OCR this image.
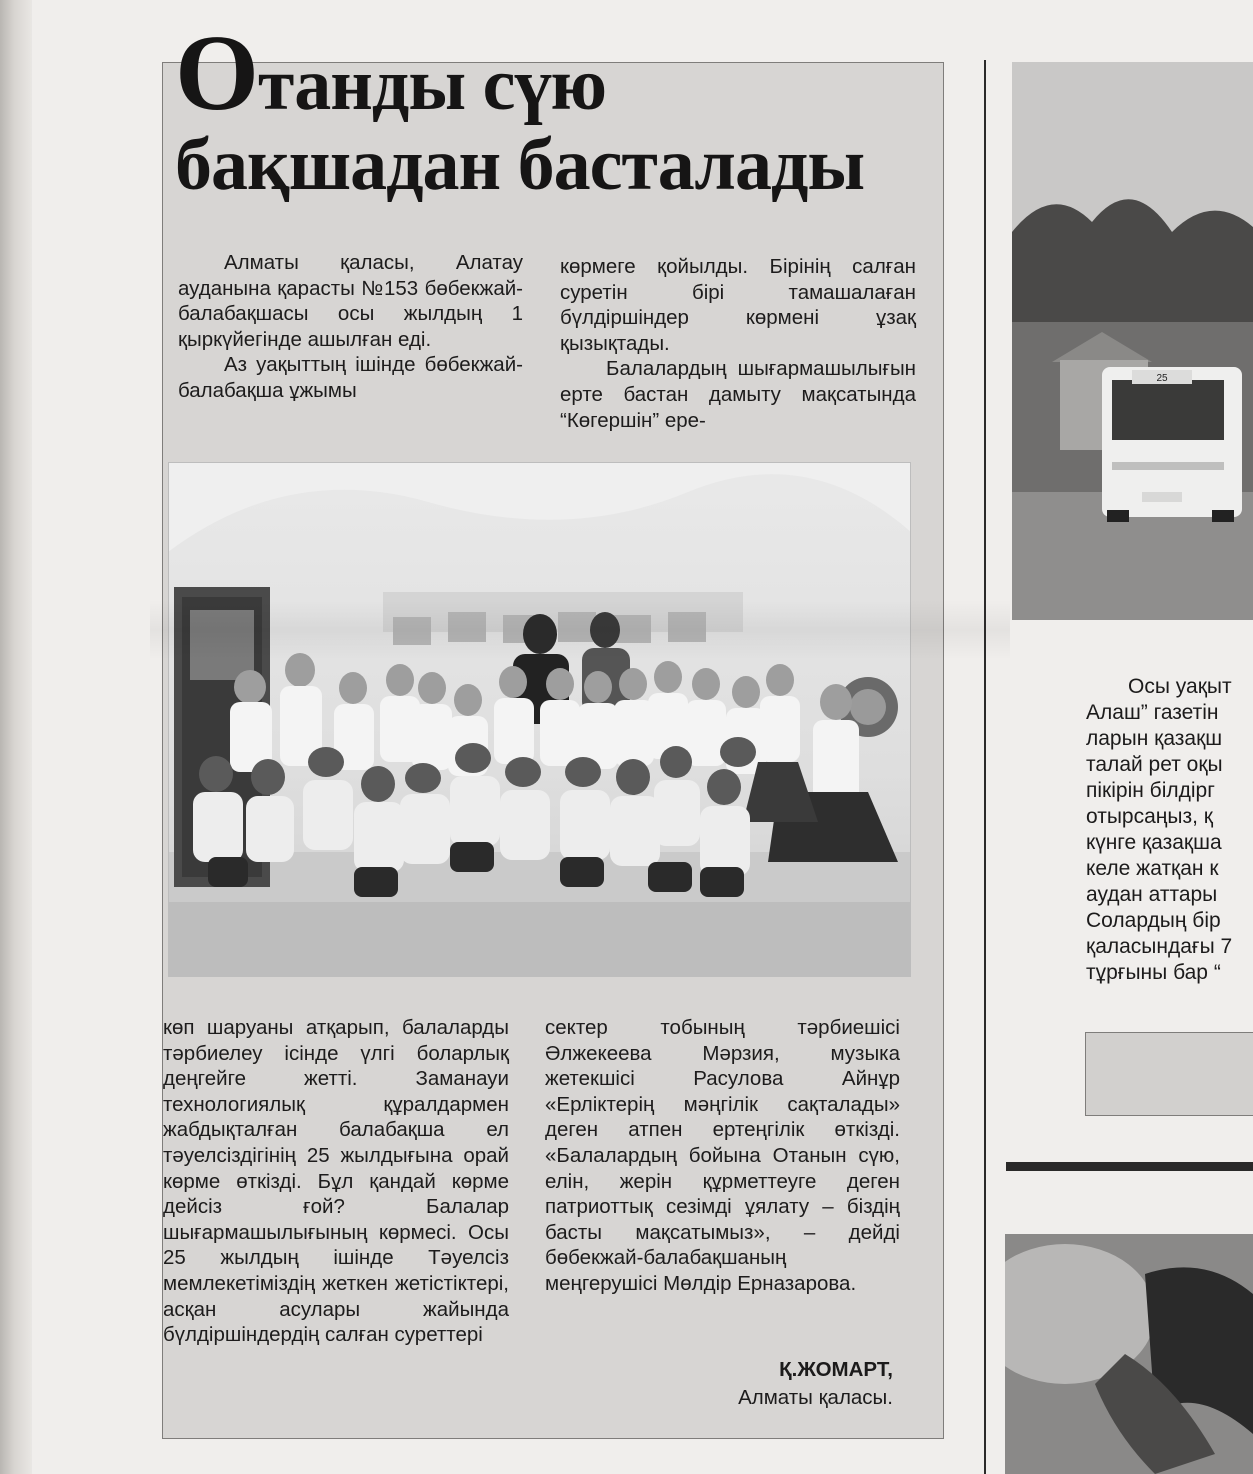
Отанды сүю
бақшадан басталады

Алматы қаласы, Алатау ауданына қарасты №153 бөбекжай-балабақшасы осы жылдың 1 қыркүйегінде ашылған еді.

Аз уақыттың ішінде бөбекжай-балабақша ұжымы

көрмеге қойылды. Бірінің салған суретін бірі тамашалаған бүлдіршіндер көрмені ұзақ қызықтады.

Балалардың шығармашылығын ерте бастан дамыту мақсатында “Көгершін” ере-

көп шаруаны атқарып, балаларды тәрбиелеу ісінде үлгі боларлық деңгейге жетті. Заманауи технологиялық құралдармен жабдықталған балабақша ел тәуелсіздігінің 25 жылдығына орай көрме өткізді. Бұл қандай көрме дейсіз ғой? Балалар шығармашылығының көрмесі. Осы 25 жылдың ішінде Тәуелсіз мемлекетіміздің жеткен жетістіктері, асқан асулары жайында бүлдіршіндердің салған суреттері

сектер тобының тәрбиешісі Әлжекеева Мәрзия, музыка жетекшісі Расулова Айнұр «Ерліктерің мәңгілік сақталады» деген атпен ертеңгілік өткізді. «Балалардың бойына Отанын сүю, елін, жерін құрметтеуге деген патриоттық сезімді ұялату – біздің басты мақсатымыз», – дейді бөбекжай-балабақшаның меңгерушісі Мөлдір Ерназарова.

Қ.ЖОМАРТ,
Алматы қаласы.
25
Осы уақыт
Алаш” газетін
ларын қазақш
талай рет оқы
пікірін білдірг
отырсаңыз, қ
күнге қазақша
келе жатқан к
аудан аттары
Солардың бір
қаласындағы 7
тұрғыны бар “
